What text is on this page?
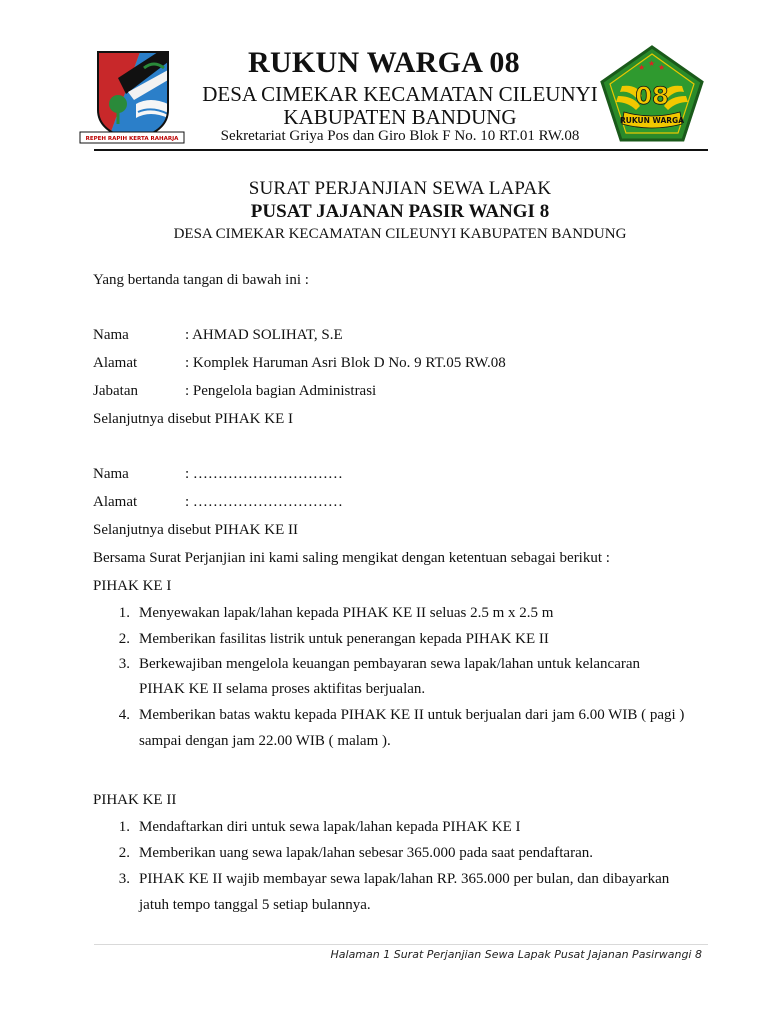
REPEH RAPIH KERTA RAHARJA
★ ★ ★
08
RUKUN WARGA
RUKUN WARGA 08
DESA CIMEKAR KECAMATAN CILEUNYI
KABUPATEN BANDUNG
Sekretariat Griya Pos dan Giro Blok F No. 10 RT.01 RW.08
SURAT PERJANJIAN SEWA LAPAK
PUSAT JAJANAN PASIR WANGI 8
DESA CIMEKAR KECAMATAN CILEUNYI KABUPATEN BANDUNG
Yang bertanda tangan di bawah ini :
Nama	: AHMAD SOLIHAT, S.E
Alamat	: Komplek Haruman Asri Blok D No. 9 RT.05 RW.08
Jabatan	: Pengelola bagian Administrasi
Selanjutnya disebut PIHAK KE I
Nama	: …………………………
Alamat	: …………………………
Selanjutnya disebut PIHAK KE II
Bersama Surat Perjanjian ini kami saling mengikat dengan ketentuan sebagai berikut :
PIHAK KE I
1. Menyewakan lapak/lahan kepada PIHAK KE II seluas 2.5 m x 2.5 m
2. Memberikan fasilitas listrik untuk penerangan kepada PIHAK KE II
3. Berkewajiban mengelola keuangan pembayaran sewa lapak/lahan untuk kelancaran
PIHAK KE II selama proses aktifitas berjualan.
4. Memberikan batas waktu kepada PIHAK KE II untuk berjualan dari jam 6.00 WIB ( pagi )
sampai dengan jam 22.00 WIB ( malam ).
PIHAK KE II
1. Mendaftarkan diri untuk sewa lapak/lahan kepada PIHAK KE I
2. Memberikan uang sewa lapak/lahan sebesar 365.000 pada saat pendaftaran.
3. PIHAK KE II wajib membayar sewa lapak/lahan RP. 365.000 per bulan, dan dibayarkan
jatuh tempo tanggal 5 setiap bulannya.
Halaman 1 Surat Perjanjian Sewa Lapak Pusat Jajanan Pasirwangi 8
